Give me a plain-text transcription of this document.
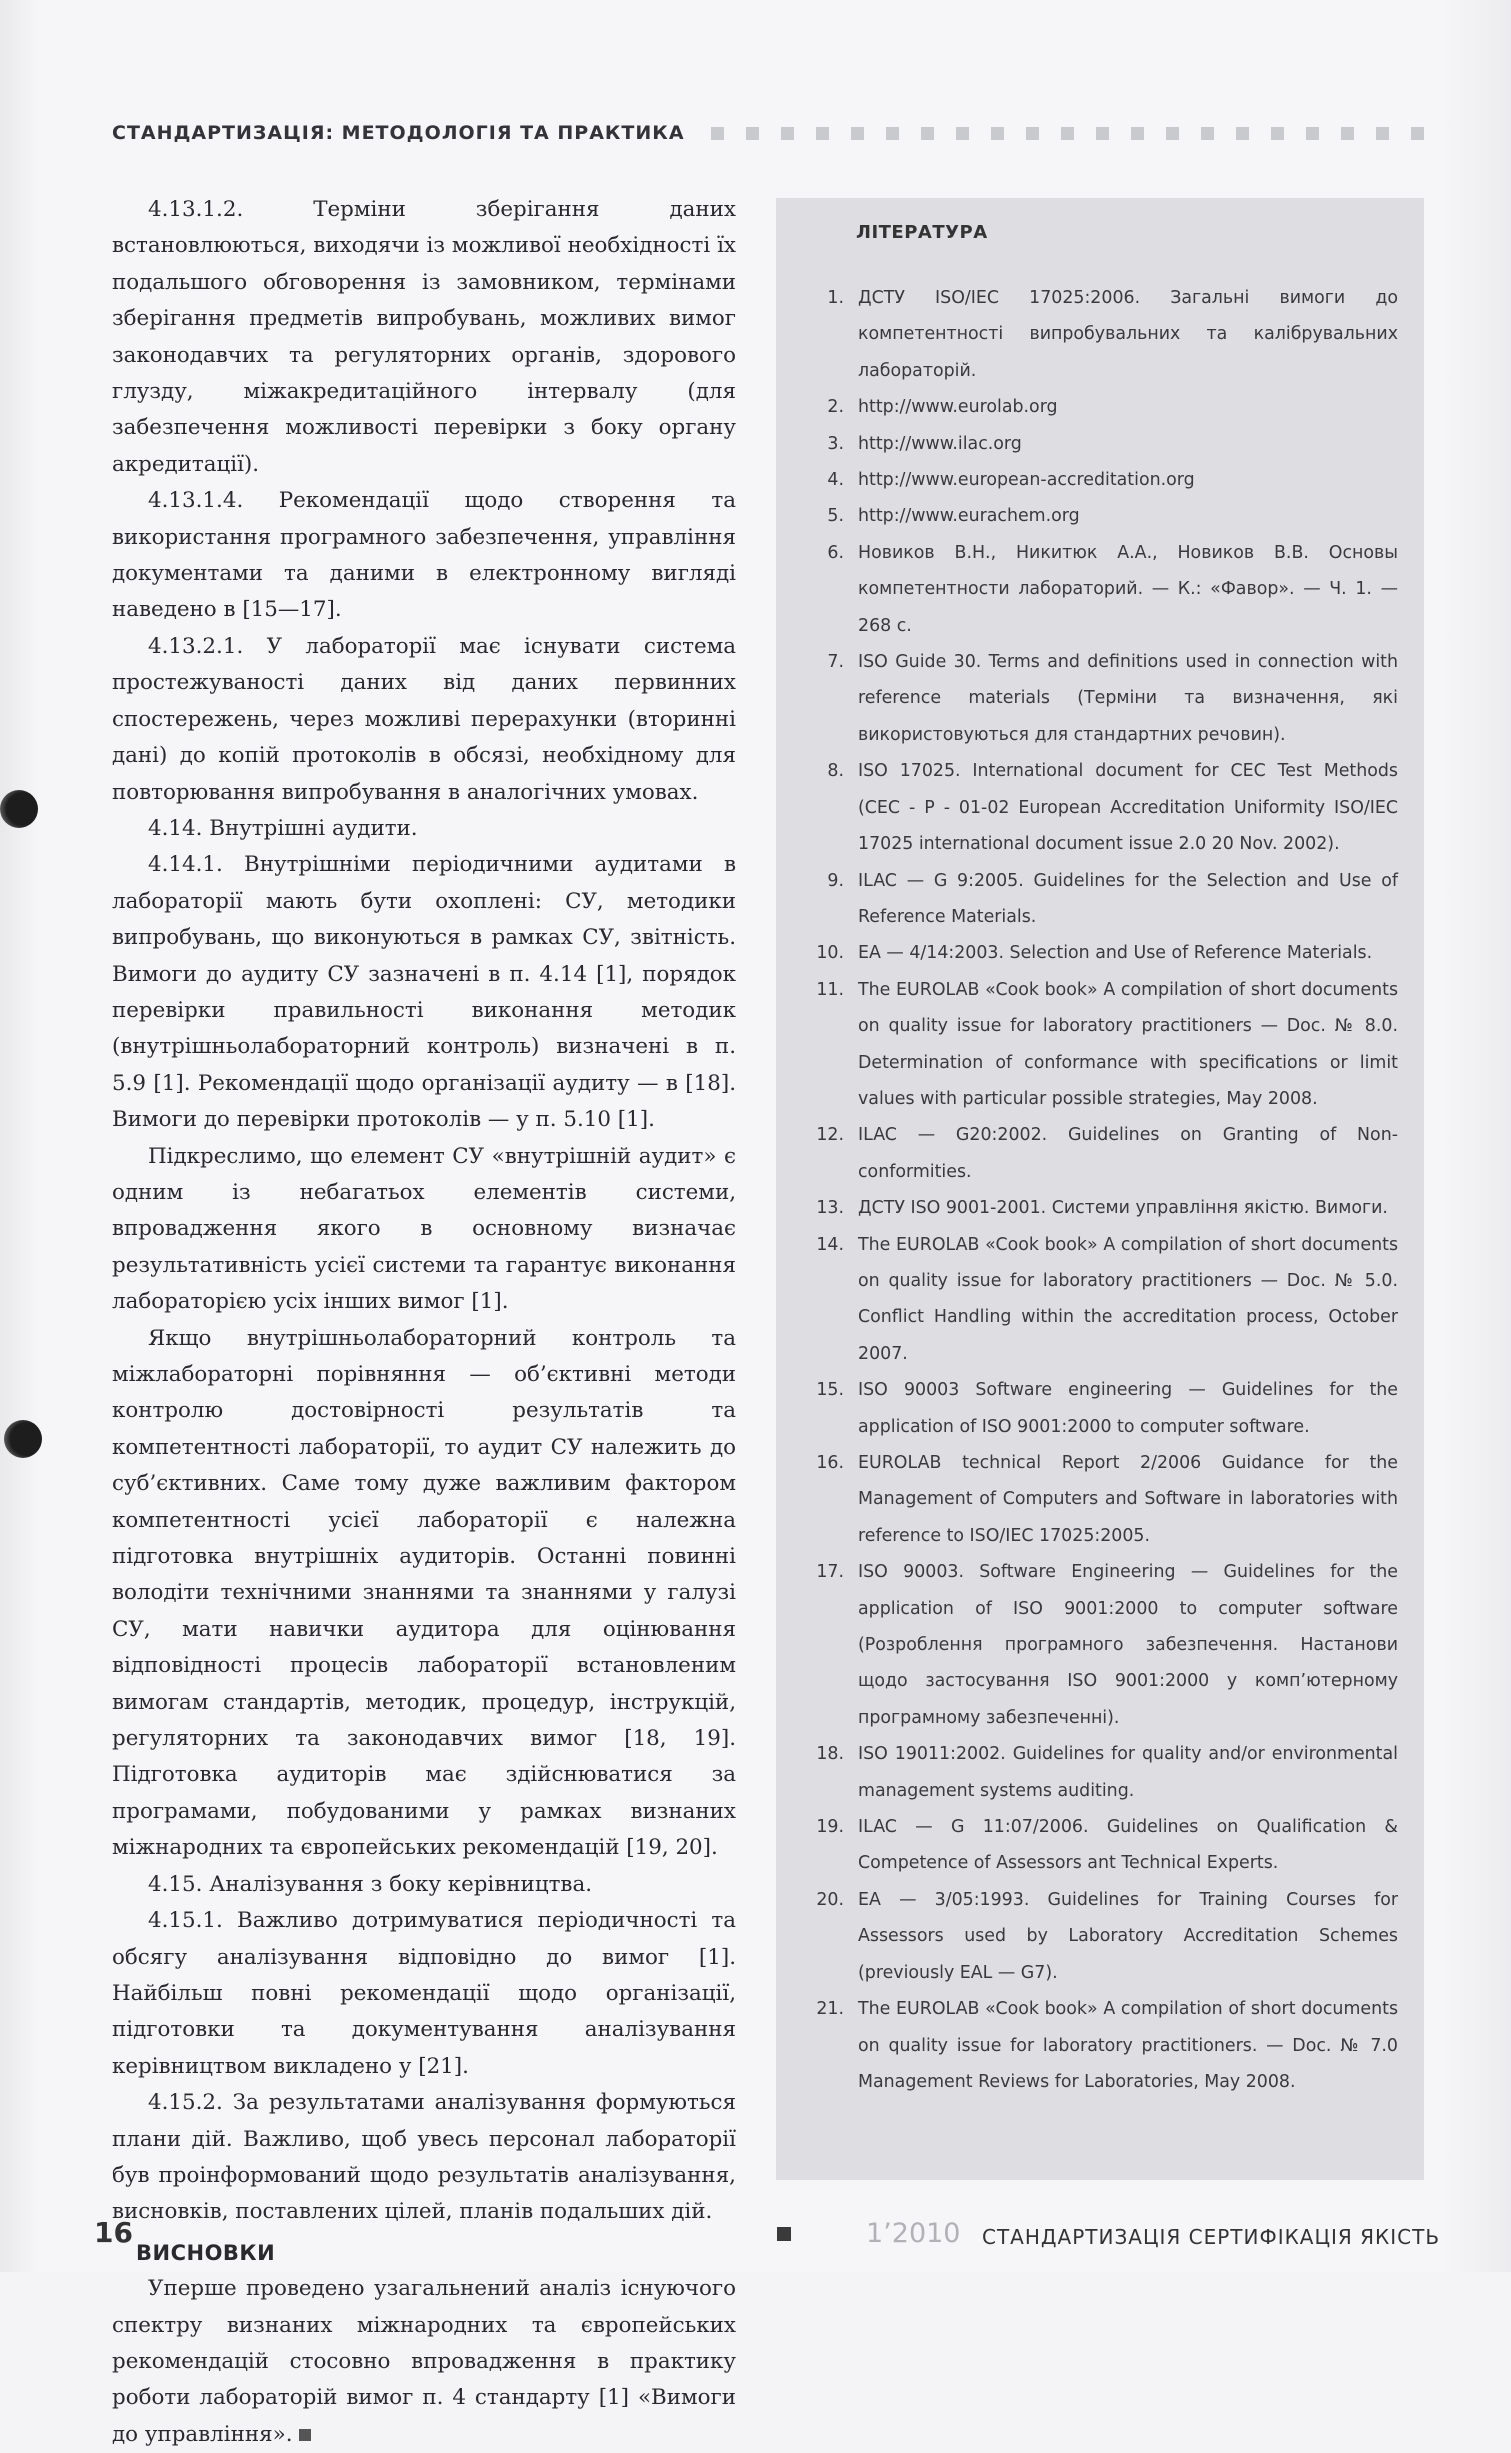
СТАНДАРТИЗАЦІЯ: МЕТОДОЛОГІЯ ТА ПРАКТИКА

4.13.1.2. Терміни зберігання даних встановлюються, виходячи із можливої необхідності їх подальшого обговорення із замовником, термінами зберігання предметів випробувань, можливих вимог законодавчих та регуляторних органів, здорового глузду, міжакредитаційного інтервалу (для забезпечення можливості перевірки з боку органу акредитації).

4.13.1.4. Рекомендації щодо створення та використання програмного забезпечення, управління документами та даними в електронному вигляді наведено в [15—17].

4.13.2.1. У лабораторії має існувати система простежуваності даних від даних первинних спостережень, через можливі перерахунки (вторинні дані) до копій протоколів в обсязі, необхідному для повторювання випробування в аналогічних умовах.

4.14. Внутрішні аудити.

4.14.1. Внутрішніми періодичними аудитами в лабораторії мають бути охоплені: СУ, методики випробувань, що виконуються в рамках СУ, звітність. Вимоги до аудиту СУ зазначені в п. 4.14 [1], порядок перевірки правильності виконання методик (внутрішньолабораторний контроль) визначені в п. 5.9 [1]. Рекомендації щодо організації аудиту — в [18]. Вимоги до перевірки протоколів — у п. 5.10 [1].

Підкреслимо, що елемент СУ «внутрішній аудит» є одним із небагатьох елементів системи, впровадження якого в основному визначає результативність усієї системи та гарантує виконання лабораторією усіх інших вимог [1].

Якщо внутрішньолабораторний контроль та міжлабораторні порівняння — об’єктивні методи контролю достовірності результатів та компетентності лабораторії, то аудит СУ належить до суб’єктивних. Саме тому дуже важливим фактором компетентності усієї лабораторії є належна підготовка внутрішніх аудиторів. Останні повинні володіти технічними знаннями та знаннями у галузі СУ, мати навички аудитора для оцінювання відповідності процесів лабораторії встановленим вимогам стандартів, методик, процедур, інструкцій, регуляторних та законодавчих вимог [18, 19]. Підготовка аудиторів має здійснюватися за програмами, побудованими у рамках визнаних міжнародних та європейських рекомендацій [19, 20].

4.15. Аналізування з боку керівництва.

4.15.1. Важливо дотримуватися періодичності та обсягу аналізування відповідно до вимог [1]. Найбільш повні рекомендації щодо організації, підготовки та документування аналізування керівництвом викладено у [21].

4.15.2. За результатами аналізування формуються плани дій. Важливо, щоб увесь персонал лабораторії був проінформований щодо результатів аналізування, висновків, поставлених цілей, планів подальших дій.

ВИСНОВКИ

Уперше проведено узагальнений аналіз існуючого спектру визнаних міжнародних та європейських рекомендацій стосовно впровадження в практику роботи лабораторій вимог п. 4 стандарту [1] «Вимоги до управління».

ЛІТЕРАТУРА
1. ДСТУ ISO/IEC 17025:2006. Загальні вимоги до компетентності випробувальних та калібрувальних лабораторій.
2. http://www.eurolab.org
3. http://www.ilac.org
4. http://www.european-accreditation.org
5. http://www.eurachem.org
6. Новиков В.Н., Никитюк А.А., Новиков В.В. Основы компетентности лабораторий. — К.: «Фавор». — Ч. 1. — 268 с.
7. ISO Guide 30. Terms and definitions used in connection with reference materials (Терміни та визначення, які використовуються для стандартних речовин).
8. ISO 17025. International document for CEC Test Methods (CEC - P - 01-02 European Accreditation Uniformity ISO/IEC 17025 international document issue 2.0 20 Nov. 2002).
9. ILAC — G 9:2005. Guidelines for the Selection and Use of Reference Materials.
10. EA — 4/14:2003. Selection and Use of Reference Materials.
11. The EUROLAB «Cook book» A compilation of short documents on quality issue for laboratory practitioners — Doc. № 8.0. Determination of conformance with specifications or limit values with particular possible strategies, May 2008.
12. ILAC — G20:2002. Guidelines on Granting of Non-conformities.
13. ДСТУ ISO 9001-2001. Системи управління якістю. Вимоги.
14. The EUROLAB «Cook book» A compilation of short documents on quality issue for laboratory practitioners — Doc. № 5.0. Conflict Handling within the accreditation process, October 2007.
15. ISO 90003 Software engineering — Guidelines for the application of ISO 9001:2000 to computer software.
16. EUROLAB technical Report 2/2006 Guidance for the Management of Computers and Software in laboratories with reference to ISO/IEC 17025:2005.
17. ISO 90003. Software Engineering — Guidelines for the application of ISO 9001:2000 to computer software (Розроблення програмного забезпечення. Настанови щодо застосування ISO 9001:2000 у комп’ютерному програмному забезпеченні).
18. ISO 19011:2002. Guidelines for quality and/or environmental management systems auditing.
19. ILAC — G 11:07/2006. Guidelines on Qualification & Competence of Assessors ant Technical Experts.
20. EA — 3/05:1993. Guidelines for Training Courses for Assessors used by Laboratory Accreditation Schemes (previously EAL — G7).
21. The EUROLAB «Cook book» A compilation of short documents on quality issue for laboratory practitioners. — Doc. № 7.0 Management Reviews for Laboratories, May 2008.
16	1’2010 СТАНДАРТИЗАЦІЯ СЕРТИФІКАЦІЯ ЯКІСТЬ
